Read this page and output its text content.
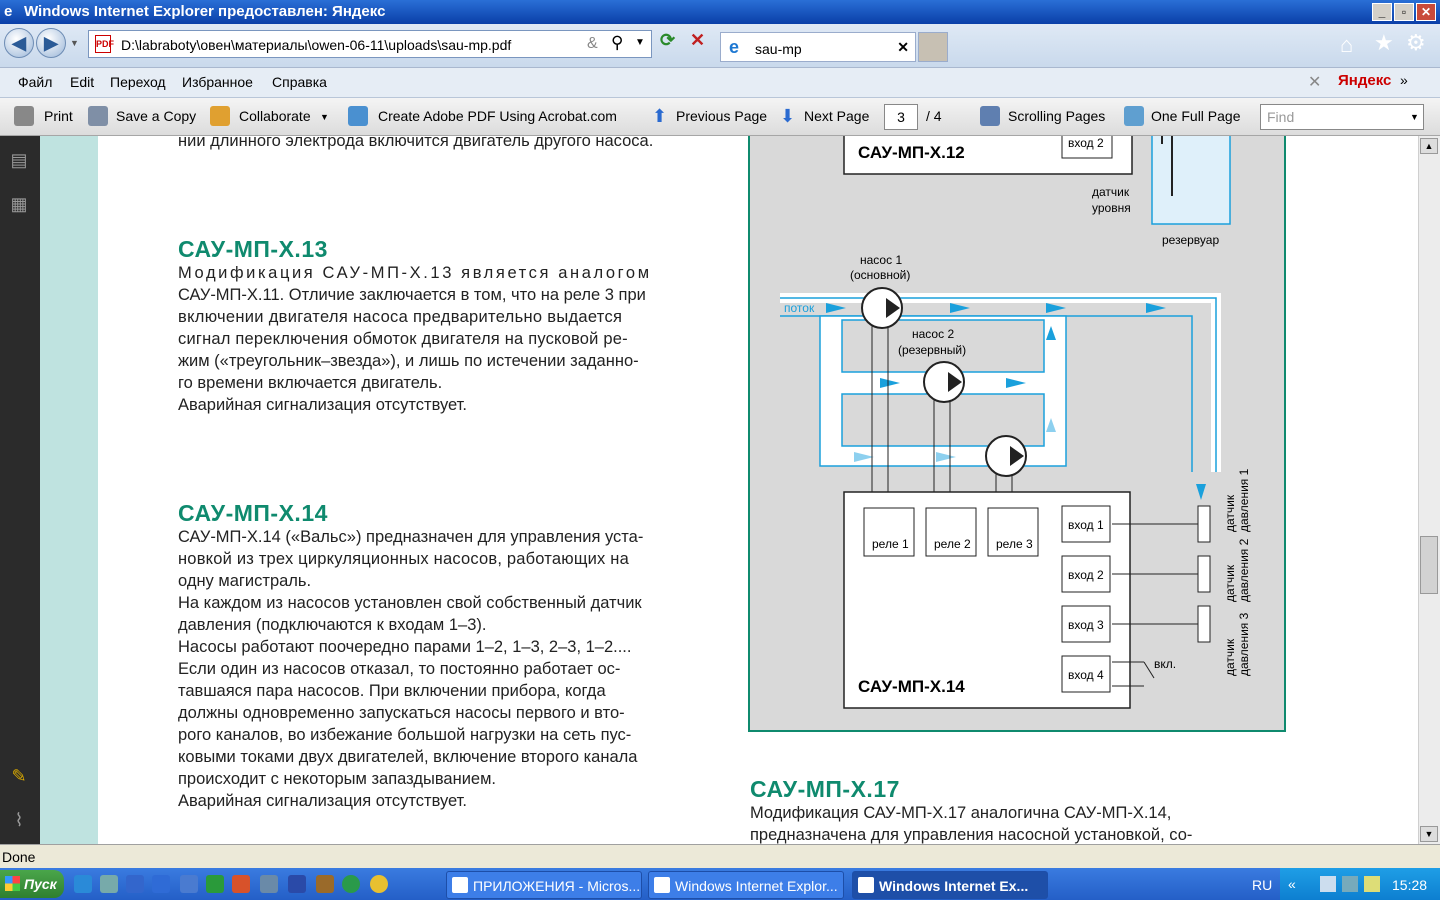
e Windows Internet Explorer предоставлен: Яндекс	_	▫	✕
◀	▶	▼	⟳ ✕	⌂ ★ ⚙
PDF D:\labraboty\овен\материалы\owen-06-11\uploads\sau-mp.pdf	& ⚲ ▼	e sau-mp	✕
Файл Edit Переход Избранное Справка	✕ Яндекс »
Print	Save a Copy	Collaborate ▼	Create Adobe PDF Using Acrobat.com ⬆ Previous Page ⬇ Next Page	/ 4	Scrolling Pages	One Full Page
3	Find	▼
▤
▦
✎
⌇
нии длинного электрода включится двигатель другого насоса.
САУ-МП-Х.13
Модификация САУ-МП-Х.13 является аналогом
САУ-МП-Х.11. Отличие заключается в том, что на реле 3 при
включении двигателя насоса предварительно выдается
сигнал переключения обмоток двигателя на пусковой ре-
жим («треугольник–звезда»), и лишь по истечении заданно-
го времени включается двигатель.
Аварийная сигнализация отсутствует.
САУ-МП-Х.14
САУ-МП-Х.14 («Вальс») предназначен для управления уста-
новкой из трех циркуляционных насосов, работающих на
одну магистраль.
На каждом из насосов установлен свой собственный датчик
давления (подключаются к входам 1–3).
Насосы работают поочередно парами 1–2, 1–3, 2–3, 1–2....
Если один из насосов отказал, то постоянно работает ос-
тавшаяся пара насосов. При включении прибора, когда
должны одновременно запускаться насосы первого и вто-
рого каналов, во избежание большой нагрузки на сеть пус-
ковыми токами двух двигателей, включение второго канала
происходит с некоторым запаздыванием.
Аварийная сигнализация отсутствует.	САУ-МП-Х.17
Модификация САУ-МП-Х.17 аналогична САУ-МП-Х.14,
предназначена для управления насосной установкой, со-
САУ-МП-Х.12	вход 2
датчик
уровня
резервуар
поток
насос 1
(основной)
насос 2
(резервный)
САУ-МП-Х.14
реле 1 реле 2 реле 3
вход 1
вход 2
вход 3
вход 4
вкл.
датчик давления 1
датчик давления 2
датчик давления 3
▲
▼
Done
Пуск	ПРИЛОЖЕНИЯ - Micros... Windows Internet Explor...	Windows Internet Ex...	RU «	15:28
